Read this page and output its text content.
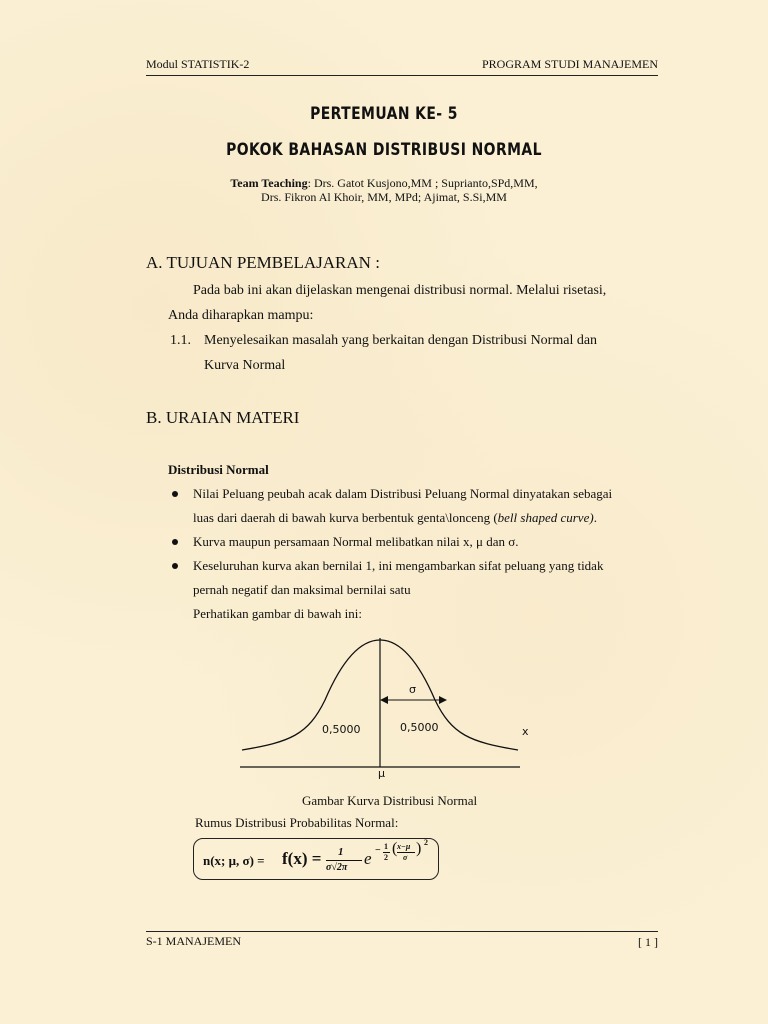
Modul STATISTIK-2	PROGRAM STUDI MANAJEMEN
PERTEMUAN KE- 5
POKOK BAHASAN DISTRIBUSI NORMAL
Team Teaching: Drs. Gatot Kusjono,MM ; Suprianto,SPd,MM,
Drs. Fikron Al Khoir, MM, MPd; Ajimat, S.Si,MM
A. TUJUAN PEMBELAJARAN :
Pada bab ini akan dijelaskan mengenai distribusi normal. Melalui risetasi,
Anda diharapkan mampu:
1.1. Menyelesaikan masalah yang berkaitan dengan Distribusi Normal dan
Kurva Normal
B. URAIAN MATERI
Distribusi Normal
Nilai Peluang peubah acak dalam Distribusi Peluang Normal dinyatakan sebagai
luas dari daerah di bawah kurva berbentuk genta\lonceng (bell shaped curve).
Kurva maupun persamaan Normal melibatkan nilai x, μ dan σ.
Keseluruhan kurva akan bernilai 1, ini mengambarkan sifat peluang yang tidak
pernah negatif dan maksimal bernilai satu
Perhatikan gambar di bawah ini:
σ
0,5000	0,5000	x
μ
Gambar Kurva Distribusi Normal
Rumus Distribusi Probabilitas Normal:
n(x; μ, σ) = f(x) = 1
σ√2π e − 1
2
( x−μ
σ
) 2
S-1 MANAJEMEN	[ 1 ]
